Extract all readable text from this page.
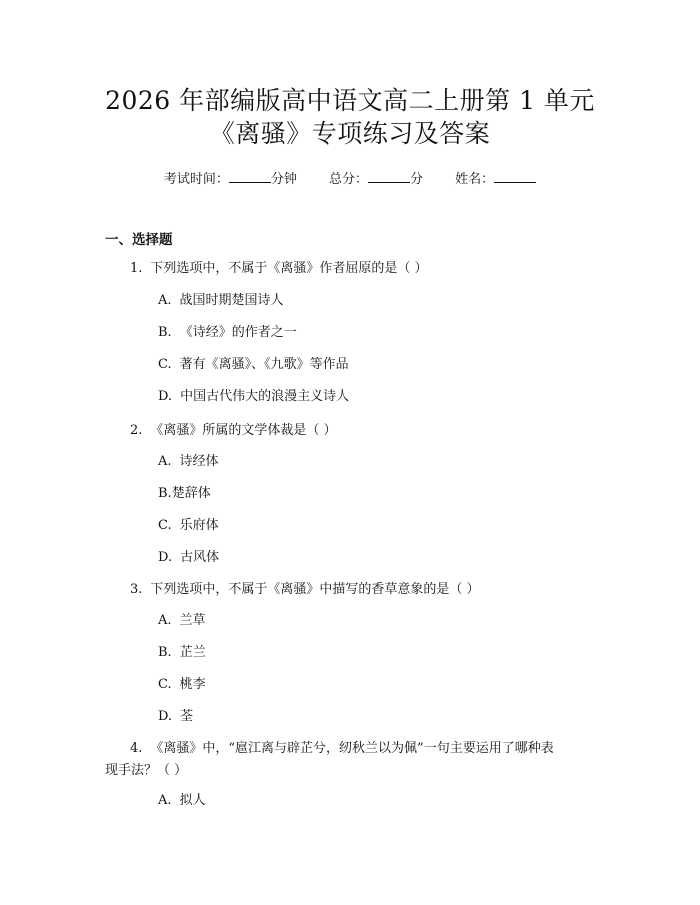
2026 年部编版高中语文高二上册第 1 单元
《离骚》专项练习及答案
考试时间：	分钟 总分：	分 姓名：
一、选择题
1. 下列选项中，不属于《离骚》作者屈原的是（ ）
A. 战国时期楚国诗人
B. 《诗经》的作者之一
C. 著有《离骚》、《九歌》等作品
D. 中国古代伟大的浪漫主义诗人
2. 《离骚》所属的文学体裁是（ ）
A. 诗经体
B.楚辞体
C. 乐府体
D. 古风体
3. 下列选项中，不属于《离骚》中描写的香草意象的是（ ）
A. 兰草
B. 芷兰
C. 桃李
D. 荃
4. 《离骚》中，“扈江离与辟芷兮，纫秋兰以为佩”一句主要运用了哪种表
现手法？（ ）
A. 拟人
